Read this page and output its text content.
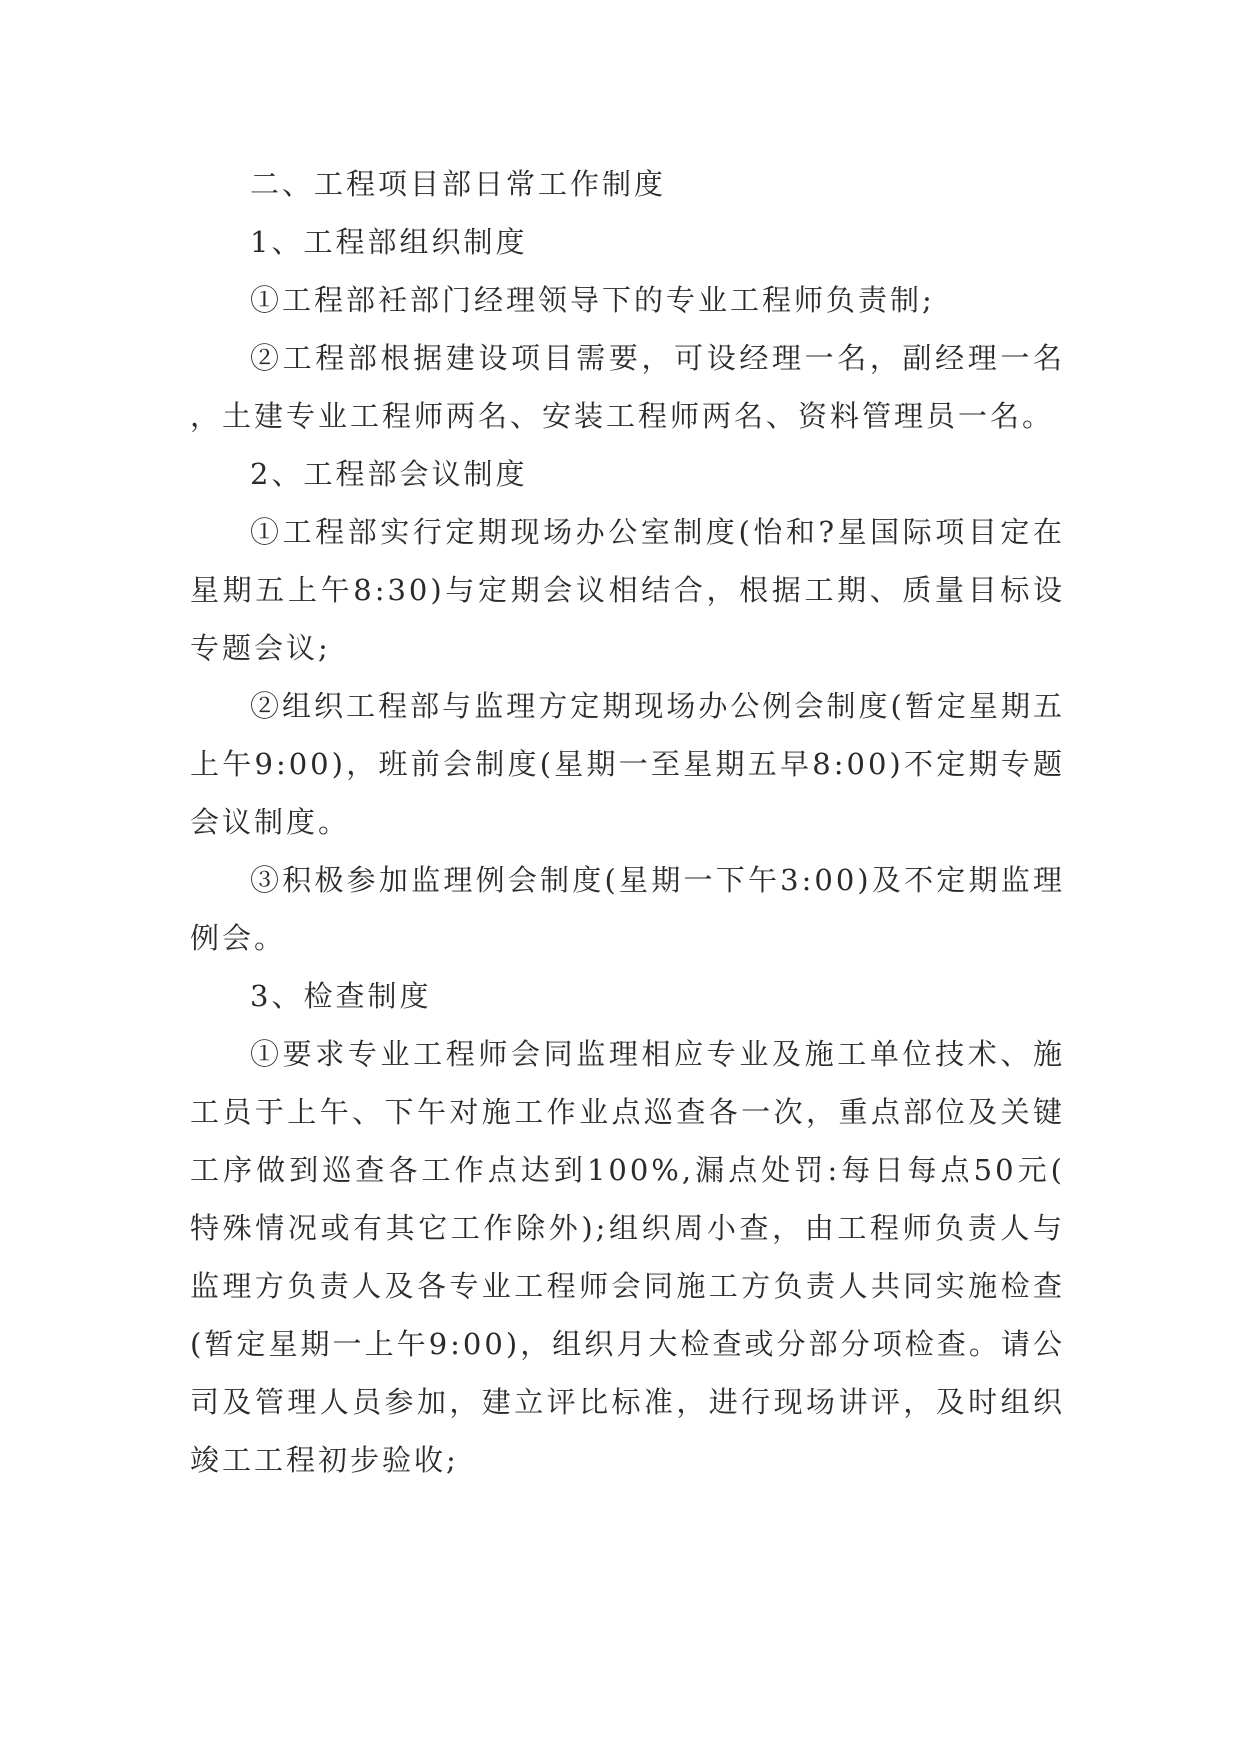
二、工程项目部日常工作制度

1、工程部组织制度

①工程部衽部门经理领导下的专业工程师负责制;

②工程部根据建设项目需要，可设经理一名，副经理一名，土建专业工程师两名、安装工程师两名、资料管理员一名。

2、工程部会议制度

①工程部实行定期现场办公室制度(怡和?星国际项目定在星期五上午8:30)与定期会议相结合，根据工期、质量目标设专题会议;

②组织工程部与监理方定期现场办公例会制度(暂定星期五上午9:00)，班前会制度(星期一至星期五早8:00)不定期专题会议制度。

③积极参加监理例会制度(星期一下午3:00)及不定期监理例会。

3、检查制度

①要求专业工程师会同监理相应专业及施工单位技术、施工员于上午、下午对施工作业点巡查各一次，重点部位及关键工序做到巡查各工作点达到100%,漏点处罚:每日每点50元(特殊情况或有其它工作除外);组织周小查，由工程师负责人与监理方负责人及各专业工程师会同施工方负责人共同实施检查(暂定星期一上午9:00)，组织月大检查或分部分项检查。请公司及管理人员参加，建立评比标准，进行现场讲评，及时组织竣工工程初步验收;
